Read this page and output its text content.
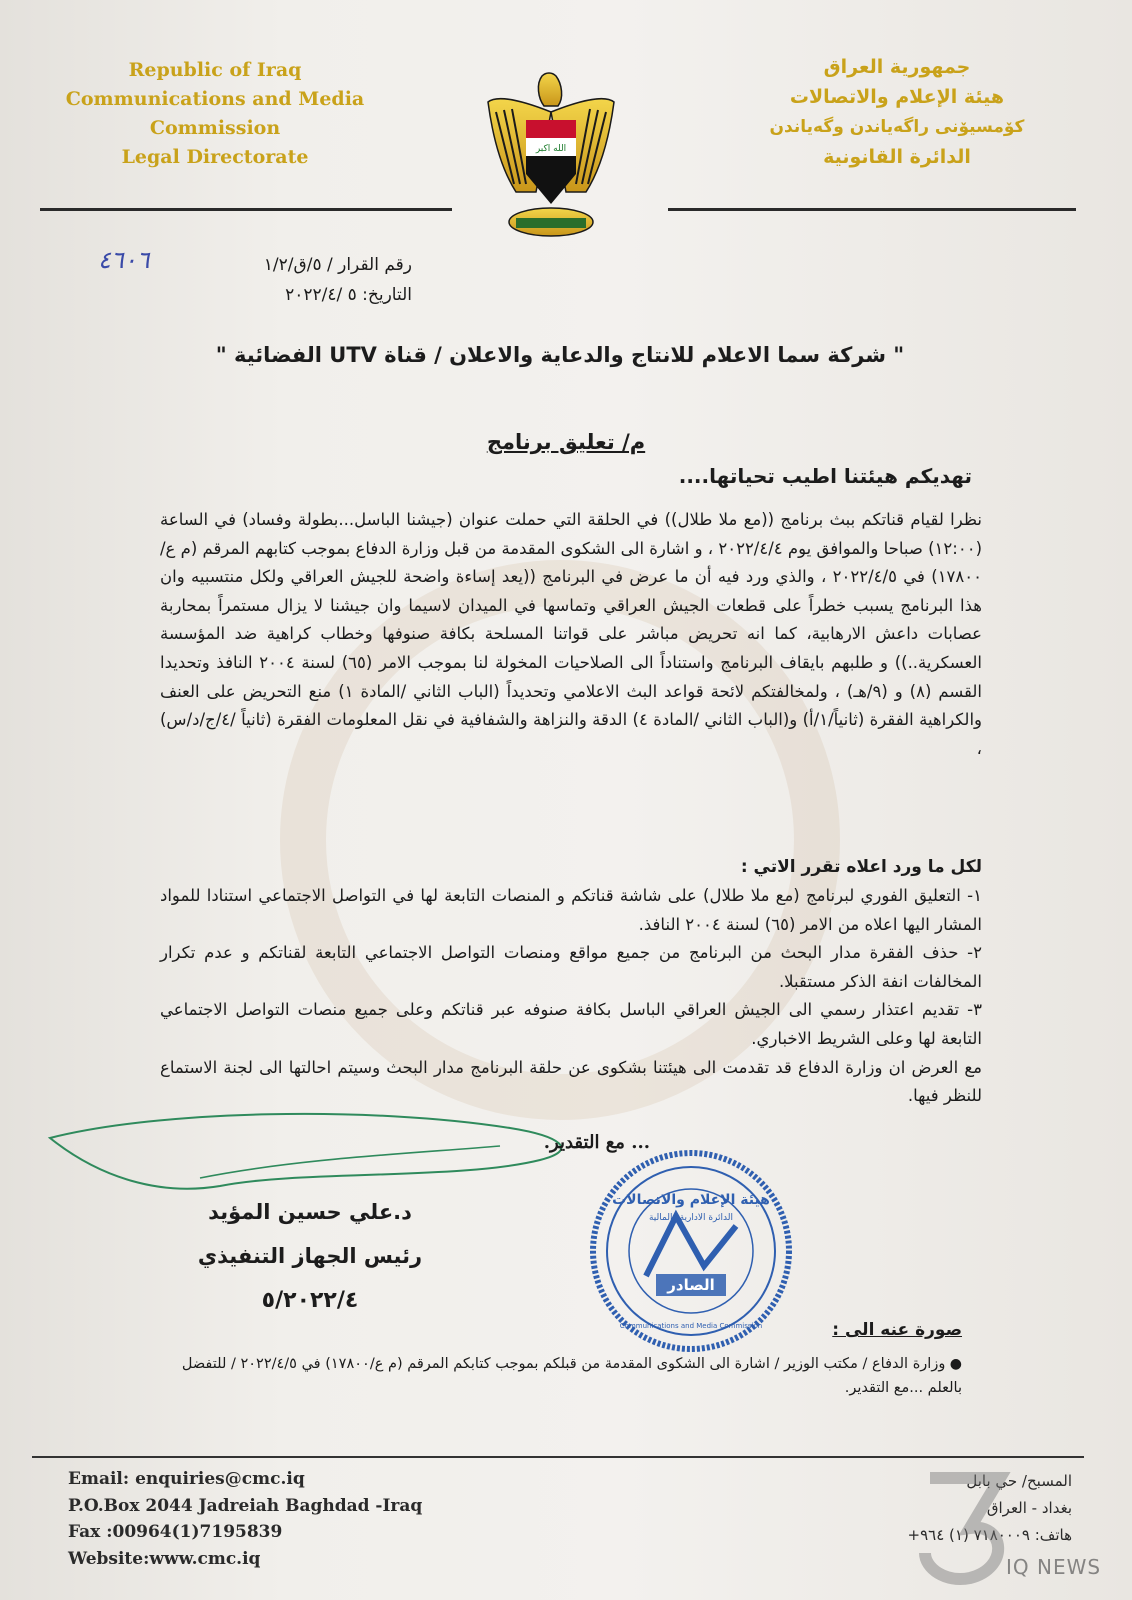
Republic of Iraq
Communications and Media
Commission
Legal Directorate
جمهورية العراق
هيئة الإعلام والاتصالات
كۆمسیۆنی راگەیاندن وگەیاندن
الدائرة القانونية
الله اكبر
رقم القرار / ٥/ق/١/٢
التاريخ: ٥ /٢٠٢٢/٤
٤٦٠٦
" شركة سما الاعلام للانتاج والدعاية والاعلان / قناة UTV الفضائية "
م/ تعليق برنامج
تهديكم هيئتنا اطيب تحياتها....

نظرا لقيام قناتكم ببث برنامج ((مع ملا طلال)) في الحلقة التي حملت عنوان (جيشنا الباسل...بطولة وفساد) في الساعة (١٢:٠٠) صباحا والموافق يوم ٢٠٢٢/٤/٤ ، و اشارة الى الشكوى المقدمة من قبل وزارة الدفاع بموجب كتابهم المرقم (م ع/١٧٨٠٠) في ٢٠٢٢/٤/٥ ، والذي ورد فيه أن ما عرض في البرنامج ((يعد إساءة واضحة للجيش العراقي ولكل منتسبيه وان هذا البرنامج يسبب خطراً على قطعات الجيش العراقي وتماسها في الميدان لاسيما وان جيشنا لا يزال مستمراً بمحاربة عصابات داعش الارهابية، كما انه تحريض مباشر على قواتنا المسلحة بكافة صنوفها وخطاب كراهية ضد المؤسسة العسكرية..)) و طلبهم بايقاف البرنامج واستناداً الى الصلاحيات المخولة لنا بموجب الامر (٦٥) لسنة ٢٠٠٤ النافذ وتحديدا القسم (٨) و (٩/هـ) ، ولمخالفتكم لائحة قواعد البث الاعلامي وتحديداً (الباب الثاني /المادة ١) منع التحريض على العنف والكراهية الفقرة (ثانياً/١/أ) و(الباب الثاني /المادة ٤) الدقة والنزاهة والشفافية في نقل المعلومات الفقرة (ثانياً /٤/ج/د/س) ،

لكل ما ورد اعلاه تقرر الاتي :

١- التعليق الفوري لبرنامج (مع ملا طلال) على شاشة قناتكم و المنصات التابعة لها في التواصل الاجتماعي استنادا للمواد المشار اليها اعلاه من الامر (٦٥) لسنة ٢٠٠٤ النافذ.

٢- حذف الفقرة مدار البحث من البرنامج من جميع مواقع ومنصات التواصل الاجتماعي التابعة لقناتكم و عدم تكرار المخالفات انفة الذكر مستقبلا.

٣- تقديم اعتذار رسمي الى الجيش العراقي الباسل بكافة صنوفه عبر قناتكم وعلى جميع منصات التواصل الاجتماعي التابعة لها وعلى الشريط الاخباري.

مع العرض ان وزارة الدفاع قد تقدمت الى هيئتنا بشكوى عن حلقة البرنامج مدار البحث وسيتم احالتها الى لجنة الاستماع للنظر فيها.

... مع التقدير.
د.علي حسين المؤيد
رئيس الجهاز التنفيذي
٥/٢٠٢٢/٤
هيئة الإعلام والاتصالات
الدائرة الادارية والمالية
الصادر
Communications and Media Commission	صورة عنه الى :
● وزارة الدفاع / مكتب الوزير / اشارة الى الشكوى المقدمة من قبلكم بموجب كتابكم المرقم (م ع/١٧٨٠٠) في ٢٠٢٢/٤/٥ / للتفضل بالعلم ...مع التقدير.
Email: enquiries@cmc.iq
P.O.Box 2044 Jadreiah Baghdad -Iraq
Fax :00964(1)7195839
Website:www.cmc.iq
المسبح/ حي بابل
بغداد - العراق
هاتف: ٧١٨٠٠٠٩ (١) ٩٦٤+
IQ NEWS
